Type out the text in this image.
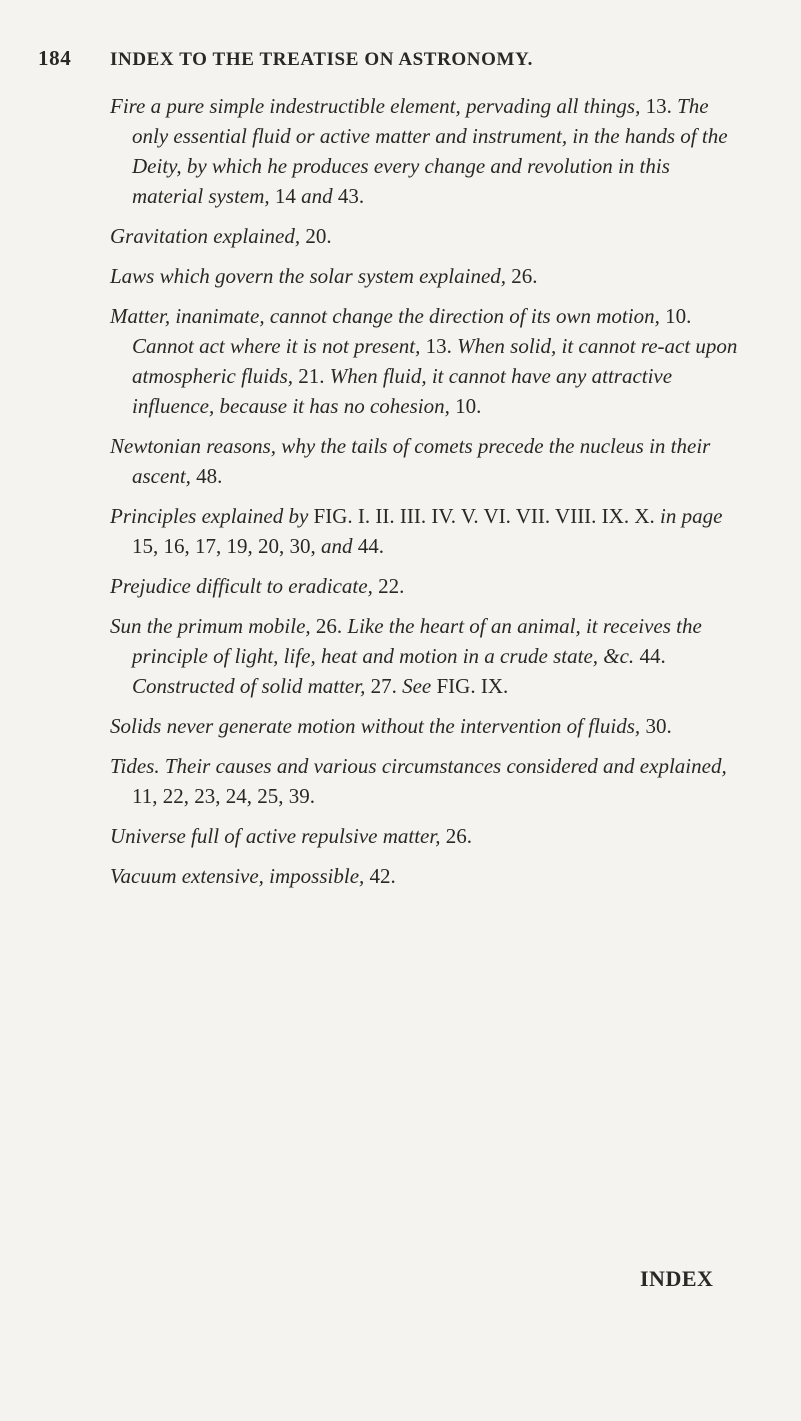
184	INDEX TO THE TREATISE ON ASTRONOMY.

Fire a pure simple indestructible element, pervading all things, 13. The only essential fluid or active matter and instrument, in the hands of the Deity, by which he produces every change and revolution in this material system, 14 and 43.

Gravitation explained, 20.

Laws which govern the solar system explained, 26.

Matter, inanimate, cannot change the direction of its own motion, 10. Cannot act where it is not present, 13. When solid, it cannot re-act upon atmospheric fluids, 21. When fluid, it cannot have any attractive influence, because it has no cohesion, 10.

Newtonian reasons, why the tails of comets precede the nucleus in their ascent, 48.

Principles explained by FIG. I. II. III. IV. V. VI. VII. VIII. IX. X. in page 15, 16, 17, 19, 20, 30, and 44.

Prejudice difficult to eradicate, 22.

Sun the primum mobile, 26. Like the heart of an animal, it receives the principle of light, life, heat and motion in a crude state, &c. 44. Constructed of solid matter, 27. See FIG. IX.

Solids never generate motion without the intervention of fluids, 30.

Tides. Their causes and various circumstances considered and explained, 11, 22, 23, 24, 25, 39.

Universe full of active repulsive matter, 26.

Vacuum extensive, impossible, 42.

INDEX
